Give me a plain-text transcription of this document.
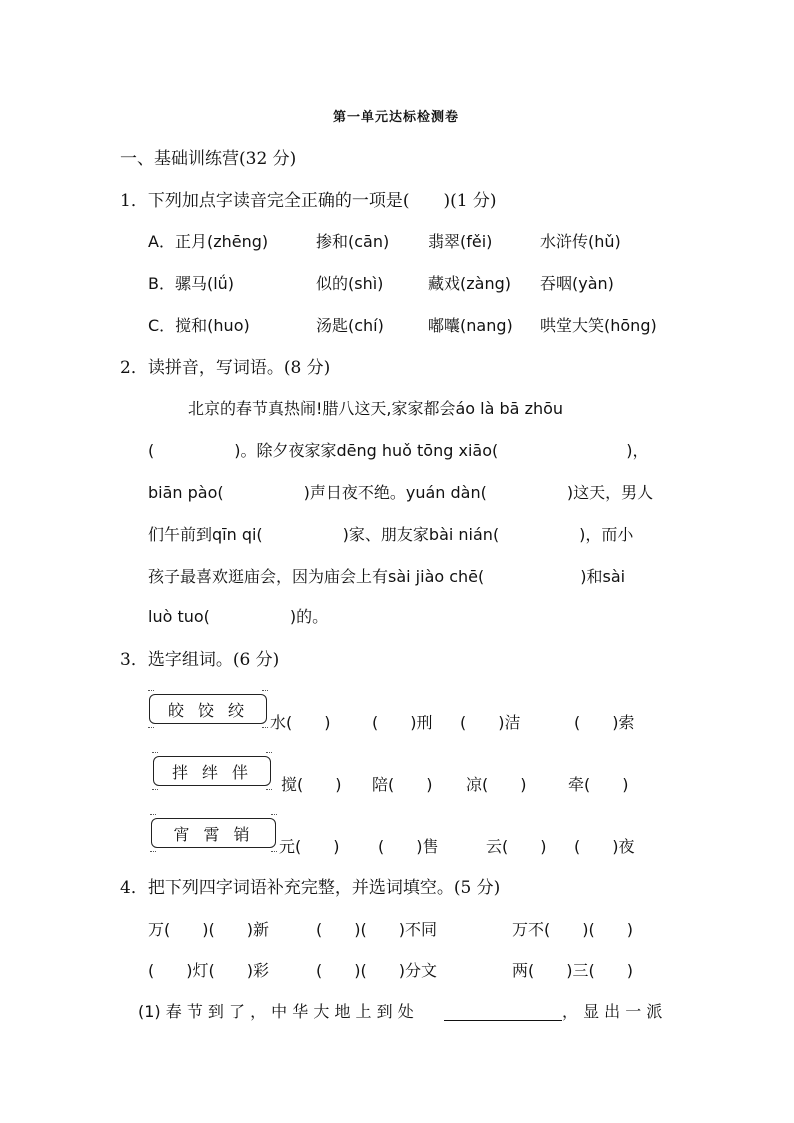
第一单元达标检测卷
一、基础训练营(32 分)
1．下列加点字读音完全正确的一项是(　　)(1 分)
A．正月(zhēng)	掺和(cān) 翡翠(fěi)	水浒传(hǔ)
B．骡马(lǘ)	似的(shì)	藏戏(zàng) 吞咽(yàn)
C．搅和(huo)	汤匙(chí)	嘟囔(nang) 哄堂大笑(hōng)
2．读拼音，写词语。(8 分)
北京的春节真热闹!腊八这天,家家都会áo là bā zhōu
(　　　　　)。除夕夜家家dēng huǒ tōng xiāo(　　　　　　　　)，
biān pào(　　　　　)声日夜不绝。yuán dàn(　　　　　)这天，男人
们午前到qīn qi(　　　　　)家、朋友家bài nián(　　　　　)，而小
孩子最喜欢逛庙会，因为庙会上有sài jiào chē(　　　　　　)和sài
luò tuo(　　　　　)的。
3．选字组词。(6 分)
皎饺绞
水(　　)	(　　)刑 (　　)洁	(　　)索
拌绊伴
搅(　　) 陪(　　) 凉(　　)	牵(　　)
宵霄销
元(　　) (　　)售	云(　　) (　　)夜
4．把下列四字词语补充完整，并选词填空。(5 分)
万(　　)(　　)新	(　　)(　　)不同	万不(　　)(　　)
(　　)灯(　　)彩	(　　)(　　)分文	两(　　)三(　　)
(1) 春 节 到 了 ， 中 华 大 地 上 到 处	， 显 出 一 派
